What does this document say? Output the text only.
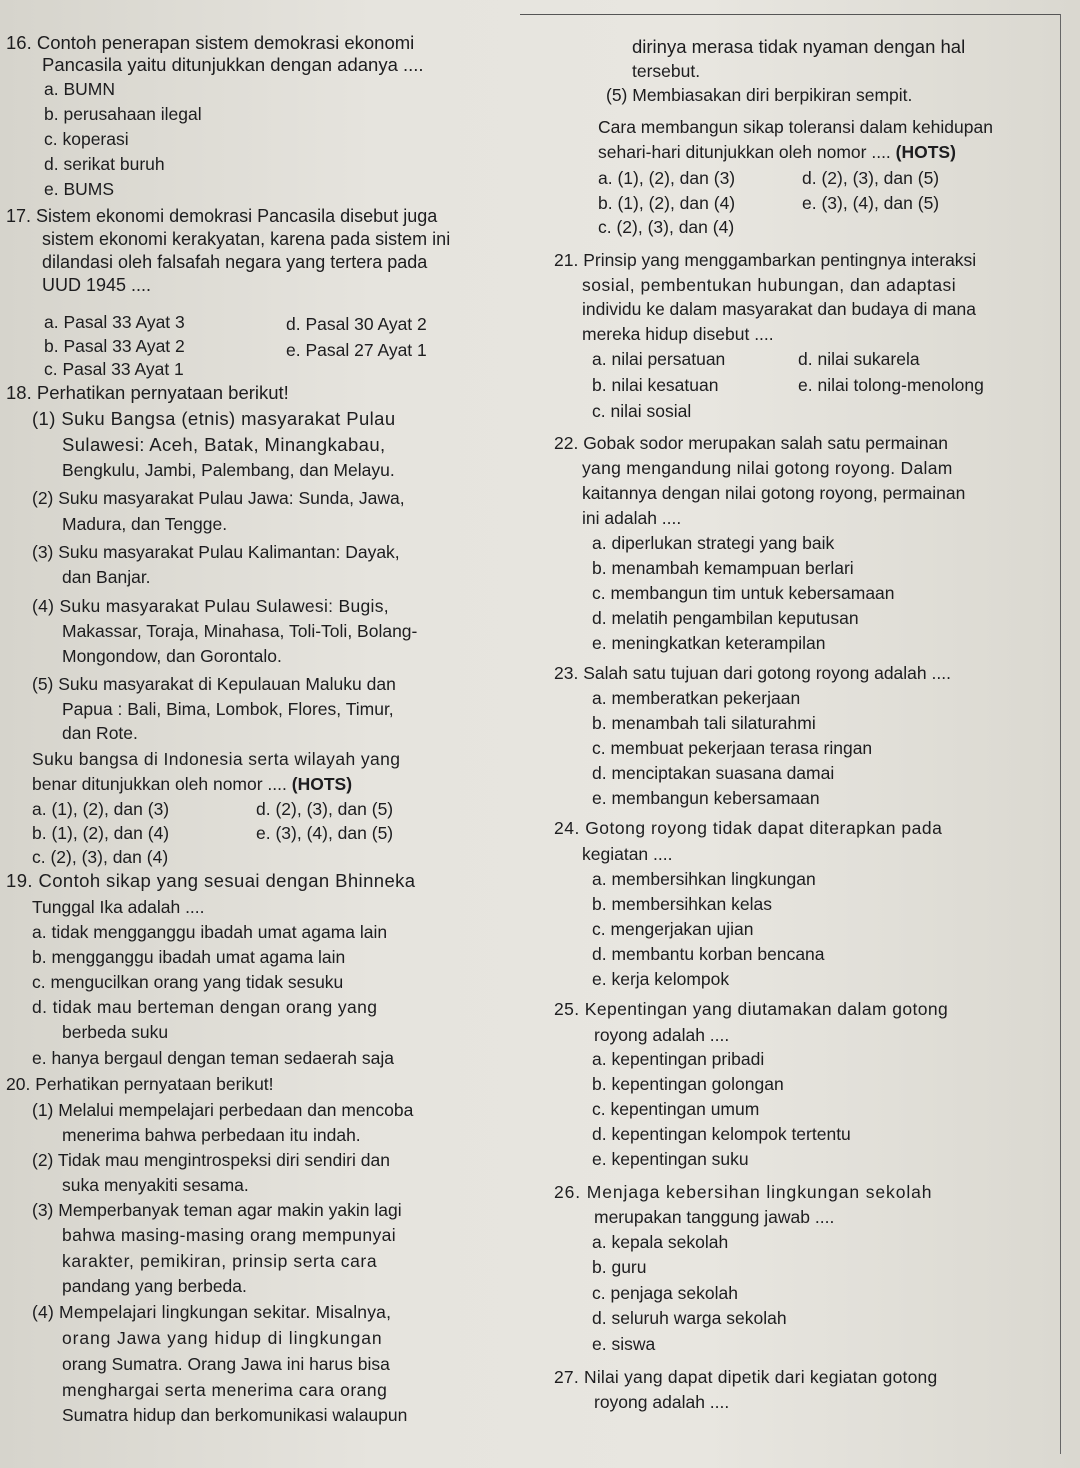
16. Contoh penerapan sistem demokrasi ekonomi
Pancasila yaitu ditunjukkan dengan adanya ....
a. BUMN
b. perusahaan ilegal
c. koperasi
d. serikat buruh
e. BUMS
17. Sistem ekonomi demokrasi Pancasila disebut juga
sistem ekonomi kerakyatan, karena pada sistem ini
dilandasi oleh falsafah negara yang tertera pada
UUD 1945 ....
a. Pasal 33 Ayat 3	d. Pasal 30 Ayat 2
b. Pasal 33 Ayat 2	e. Pasal 27 Ayat 1
c. Pasal 33 Ayat 1
18. Perhatikan pernyataan berikut!
(1) Suku Bangsa (etnis) masyarakat Pulau
Sulawesi: Aceh, Batak, Minangkabau,
Bengkulu, Jambi, Palembang, dan Melayu.
(2) Suku masyarakat Pulau Jawa: Sunda, Jawa,
Madura, dan Tengge.
(3) Suku masyarakat Pulau Kalimantan: Dayak,
dan Banjar.
(4) Suku masyarakat Pulau Sulawesi: Bugis,
Makassar, Toraja, Minahasa, Toli-Toli, Bolang-
Mongondow, dan Gorontalo.
(5) Suku masyarakat di Kepulauan Maluku dan
Papua : Bali, Bima, Lombok, Flores, Timur,
dan Rote.
Suku bangsa di Indonesia serta wilayah yang
benar ditunjukkan oleh nomor .... (HOTS)
a. (1), (2), dan (3)	d. (2), (3), dan (5)
b. (1), (2), dan (4)	e. (3), (4), dan (5)
c. (2), (3), dan (4)
19. Contoh sikap yang sesuai dengan Bhinneka
Tunggal Ika adalah ....
a. tidak mengganggu ibadah umat agama lain
b. mengganggu ibadah umat agama lain
c. mengucilkan orang yang tidak sesuku
d. tidak mau berteman dengan orang yang
berbeda suku
e. hanya bergaul dengan teman sedaerah saja
20. Perhatikan pernyataan berikut!
(1) Melalui mempelajari perbedaan dan mencoba
menerima bahwa perbedaan itu indah.
(2) Tidak mau mengintrospeksi diri sendiri dan
suka menyakiti sesama.
(3) Memperbanyak teman agar makin yakin lagi
bahwa masing-masing orang mempunyai
karakter, pemikiran, prinsip serta cara
pandang yang berbeda.
(4) Mempelajari lingkungan sekitar. Misalnya,
orang Jawa yang hidup di lingkungan
orang Sumatra. Orang Jawa ini harus bisa
menghargai serta menerima cara orang
Sumatra hidup dan berkomunikasi walaupun
dirinya merasa tidak nyaman dengan hal
tersebut.
(5) Membiasakan diri berpikiran sempit.
Cara membangun sikap toleransi dalam kehidupan
sehari-hari ditunjukkan oleh nomor .... (HOTS)
a. (1), (2), dan (3)	d. (2), (3), dan (5)
b. (1), (2), dan (4)	e. (3), (4), dan (5)
c. (2), (3), dan (4)
21. Prinsip yang menggambarkan pentingnya interaksi
sosial, pembentukan hubungan, dan adaptasi
individu ke dalam masyarakat dan budaya di mana
mereka hidup disebut ....
a. nilai persatuan	d. nilai sukarela
b. nilai kesatuan	e. nilai tolong-menolong
c. nilai sosial
22. Gobak sodor merupakan salah satu permainan
yang mengandung nilai gotong royong. Dalam
kaitannya dengan nilai gotong royong, permainan
ini adalah ....
a. diperlukan strategi yang baik
b. menambah kemampuan berlari
c. membangun tim untuk kebersamaan
d. melatih pengambilan keputusan
e. meningkatkan keterampilan
23. Salah satu tujuan dari gotong royong adalah ....
a. memberatkan pekerjaan
b. menambah tali silaturahmi
c. membuat pekerjaan terasa ringan
d. menciptakan suasana damai
e. membangun kebersamaan
24. Gotong royong tidak dapat diterapkan pada
kegiatan ....
a. membersihkan lingkungan
b. membersihkan kelas
c. mengerjakan ujian
d. membantu korban bencana
e. kerja kelompok
25. Kepentingan yang diutamakan dalam gotong
royong adalah ....
a. kepentingan pribadi
b. kepentingan golongan
c. kepentingan umum
d. kepentingan kelompok tertentu
e. kepentingan suku
26. Menjaga kebersihan lingkungan sekolah
merupakan tanggung jawab ....
a. kepala sekolah
b. guru
c. penjaga sekolah
d. seluruh warga sekolah
e. siswa
27. Nilai yang dapat dipetik dari kegiatan gotong
royong adalah ....
